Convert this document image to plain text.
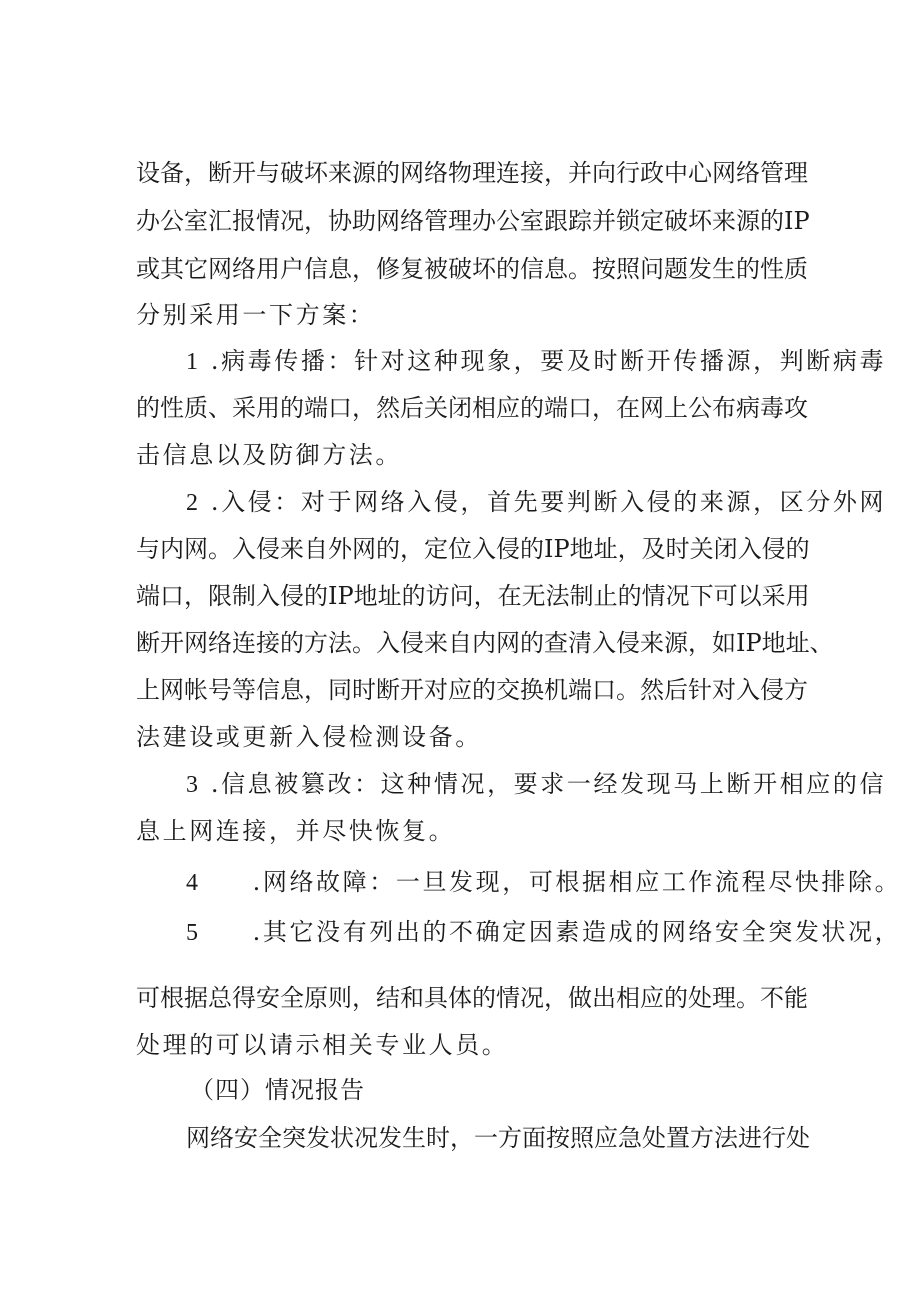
设备，断开与破坏来源的网络物理连接，并向行政中心网络管理
办公室汇报情况，协助网络管理办公室跟踪并锁定破坏来源的IP
或其它网络用户信息，修复被破坏的信息。按照问题发生的性质
分别采用一下方案：
1 .病毒传播：针对这种现象，要及时断开传播源，判断病毒
的性质、采用的端口，然后关闭相应的端口，在网上公布病毒攻
击信息以及防御方法。
2 .入侵：对于网络入侵，首先要判断入侵的来源，区分外网
与内网。入侵来自外网的，定位入侵的IP地址，及时关闭入侵的
端口，限制入侵的IP地址的访问，在无法制止的情况下可以采用
断开网络连接的方法。入侵来自内网的查清入侵来源，如IP地址、
上网帐号等信息，同时断开对应的交换机端口。然后针对入侵方
法建设或更新入侵检测设备。
3 .信息被篡改：这种情况，要求一经发现马上断开相应的信
息上网连接，并尽快恢复。
4 .网络故障：一旦发现，可根据相应工作流程尽快排除。
5 .其它没有列出的不确定因素造成的网络安全突发状况，
可根据总得安全原则，结和具体的情况，做出相应的处理。不能
处理的可以请示相关专业人员。
（四）情况报告
网络安全突发状况发生时，一方面按照应急处置方法进行处
